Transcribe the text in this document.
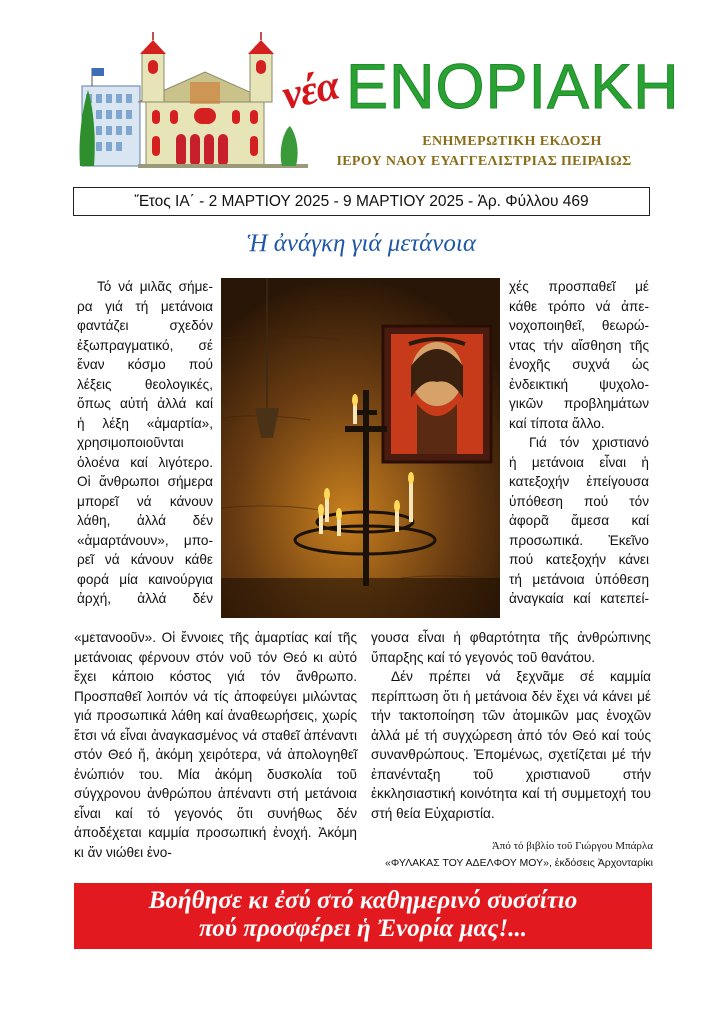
νέα ΕΝΟΡΙΑΚΗ
ΕΝΗΜΕΡΩΤΙΚΗ ΕΚΔΟΣΗ
ΙΕΡΟΥ ΝΑΟΥ ΕΥΑΓΓΕΛΙΣΤΡΙΑΣ ΠΕΙΡΑΙΩΣ
Ἔτος ΙΑ΄ - 2 ΜΑΡΤΙΟΥ 2025 - 9 ΜΑΡΤΙΟΥ 2025 - Ἀρ. Φύλλου 469
Ἡ ἀνάγκη γιά μετάνοια
Τό νά μιλᾶς σήμε-
ρα γιά τή μετάνοια
φαντάζει σχεδόν
ἐξωπραγματικό, σέ
ἕναν κόσμο πού
λέξεις θεολογικές,
ὅπως αὐτή ἀλλά καί
ἡ λέξη «ἁμαρτία»,
χρησιμοποιοῦνται
ὁλοένα καί λιγότερο.
Οἱ ἄνθρωποι σήμερα
μπορεῖ νά κάνουν
λάθη, ἀλλά δέν
«ἁμαρτάνουν», μπο-
ρεῖ νά κάνουν κάθε
φορά μία καινούργια
ἀρχή, ἀλλά δέν
χές προσπαθεῖ μέ
κάθε τρόπο νά ἀπε-
νοχοποιηθεῖ, θεωρώ-
ντας τήν αἴσθηση τῆς
ἐνοχῆς συχνά ὡς
ἐνδεικτική ψυχολο-
γικῶν προβλημάτων
καί τίποτα ἄλλο.
Γιά τόν χριστιανό
ἡ μετάνοια εἶναι ἡ
κατεξοχήν ἐπείγουσα
ὑπόθεση πού τόν
ἀφορᾶ ἄμεσα καί
προσωπικά. Ἐκεῖνο
πού κατεξοχήν κάνει
τή μετάνοια ὑπόθεση
ἀναγκαία καί κατεπεί-
«μετανοοῦν». Οἱ ἔννοιες τῆς ἁμαρτίας καί τῆς μετάνοιας φέρνουν στόν νοῦ τόν Θεό κι αὐτό ἔχει κάποιο κόστος γιά τόν ἄνθρωπο. Προσπαθεῖ λοιπόν νά τίς ἀποφεύγει μιλώντας γιά προσωπικά λάθη καί ἀναθεωρήσεις, χωρίς ἔτσι νά εἶναι ἀναγκασμένος νά σταθεῖ ἀπέναντι στόν Θεό ἤ, ἀκόμη χειρότερα, νά ἀπολογηθεῖ ἐνώπιόν του. Μία ἀκόμη δυσκολία τοῦ σύγχρονου ἀνθρώπου ἀπέναντι στή μετάνοια εἶναι καί τό γεγονός ὅτι συνήθως δέν ἀποδέχεται καμμία προσωπική ἐνοχή. Ἀκόμη κι ἄν νιώθει ἐνο-

γουσα εἶναι ἡ φθαρτότητα τῆς ἀνθρώπινης ὕπαρξης καί τό γεγονός τοῦ θανάτου.

Δέν πρέπει νά ξεχνᾶμε σέ καμμία περίπτωση ὅτι ἡ μετάνοια δέν ἔχει νά κάνει μέ τήν τακτοποίηση τῶν ἀτομικῶν μας ἐνοχῶν ἀλλά μέ τή συγχώρεση ἀπό τόν Θεό καί τούς συνανθρώπους. Ἐπομένως, σχετίζεται μέ τήν ἐπανένταξη τοῦ χριστιανοῦ στήν ἐκκλησιαστική κοινότητα καί τή συμμετοχή του στή θεία Εὐχαριστία.

Ἀπό τό βιβλίο τοῦ Γιώργου Μπάρλα
«ΦΥΛΑΚΑΣ ΤΟΥ ΑΔΕΛΦΟΥ ΜΟΥ», ἐκδόσεις Ἀρχονταρίκι
Βοήθησε κι ἐσύ στό καθημερινό συσσίτιο
πού προσφέρει ἡ Ἐνορία μας!...
